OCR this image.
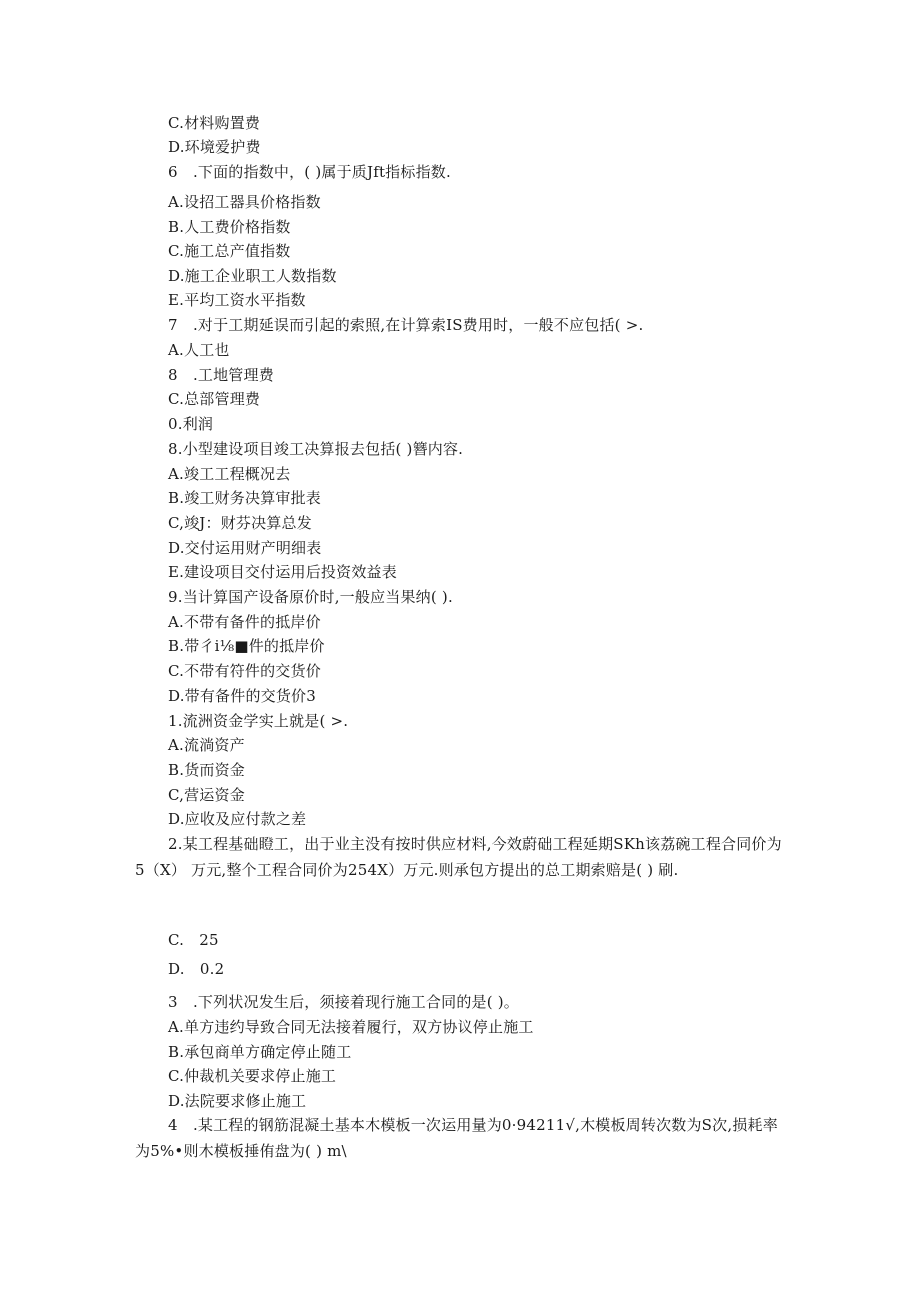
C.材料购置费
D.环境爱护费
6　.下面的指数中，( )属于质Jft指标指数.
A.设招工器具价格指数
B.人工费价格指数
C.施工总产值指数
D.施工企业职工人数指数
E.平均工资水平指数
7　.对于工期延误而引起的索照,在计算索IS费用时，一般不应包括( >.
A.人工也
8　.工地管理费
C.总部管理费
0.利润
8.小型建设项目竣工决算报去包括( )簪内容.
A.竣工工程概况去
B.竣工财务决算审批表
C,竣J：财芬决算总发
D.交付运用财产明细表
E.建设项目交付运用后投资效益表
9.当计算国产设备原价时,一般应当果纳( ).
A.不带有备件的抵岸价
B.带彳i⅛■件的抵岸价
C.不带有符件的交货价
D.带有备件的交货价3
1.流洲资金学实上就是( >.
A.流淌资产
B.货而资金
C,营运资金
D.应收及应付款之差
2.某工程基础瞪工，出于业主没有按时供应材料,今效蔚础工程延期SKh该荔碗工程合同价为
5（X） 万元,整个工程合同价为254X）万元.则承包方提出的总工期索赔是( ) 刷.
C.　25
D.　0.2
3　.下列状况发生后，须接着现行施工合同的是( )。
A.单方违约导致合同无法接着履行，双方协议停止施工
B.承包商单方确定停止随工
C.仲裁机关要求停止施工
D.法院要求修止施工
4　.某工程的钢筋混凝土基本木模板一次运用量为0·94211√,木模板周转次数为S次,损耗率
为5%•则木模板捶侑盘为( ) m\
